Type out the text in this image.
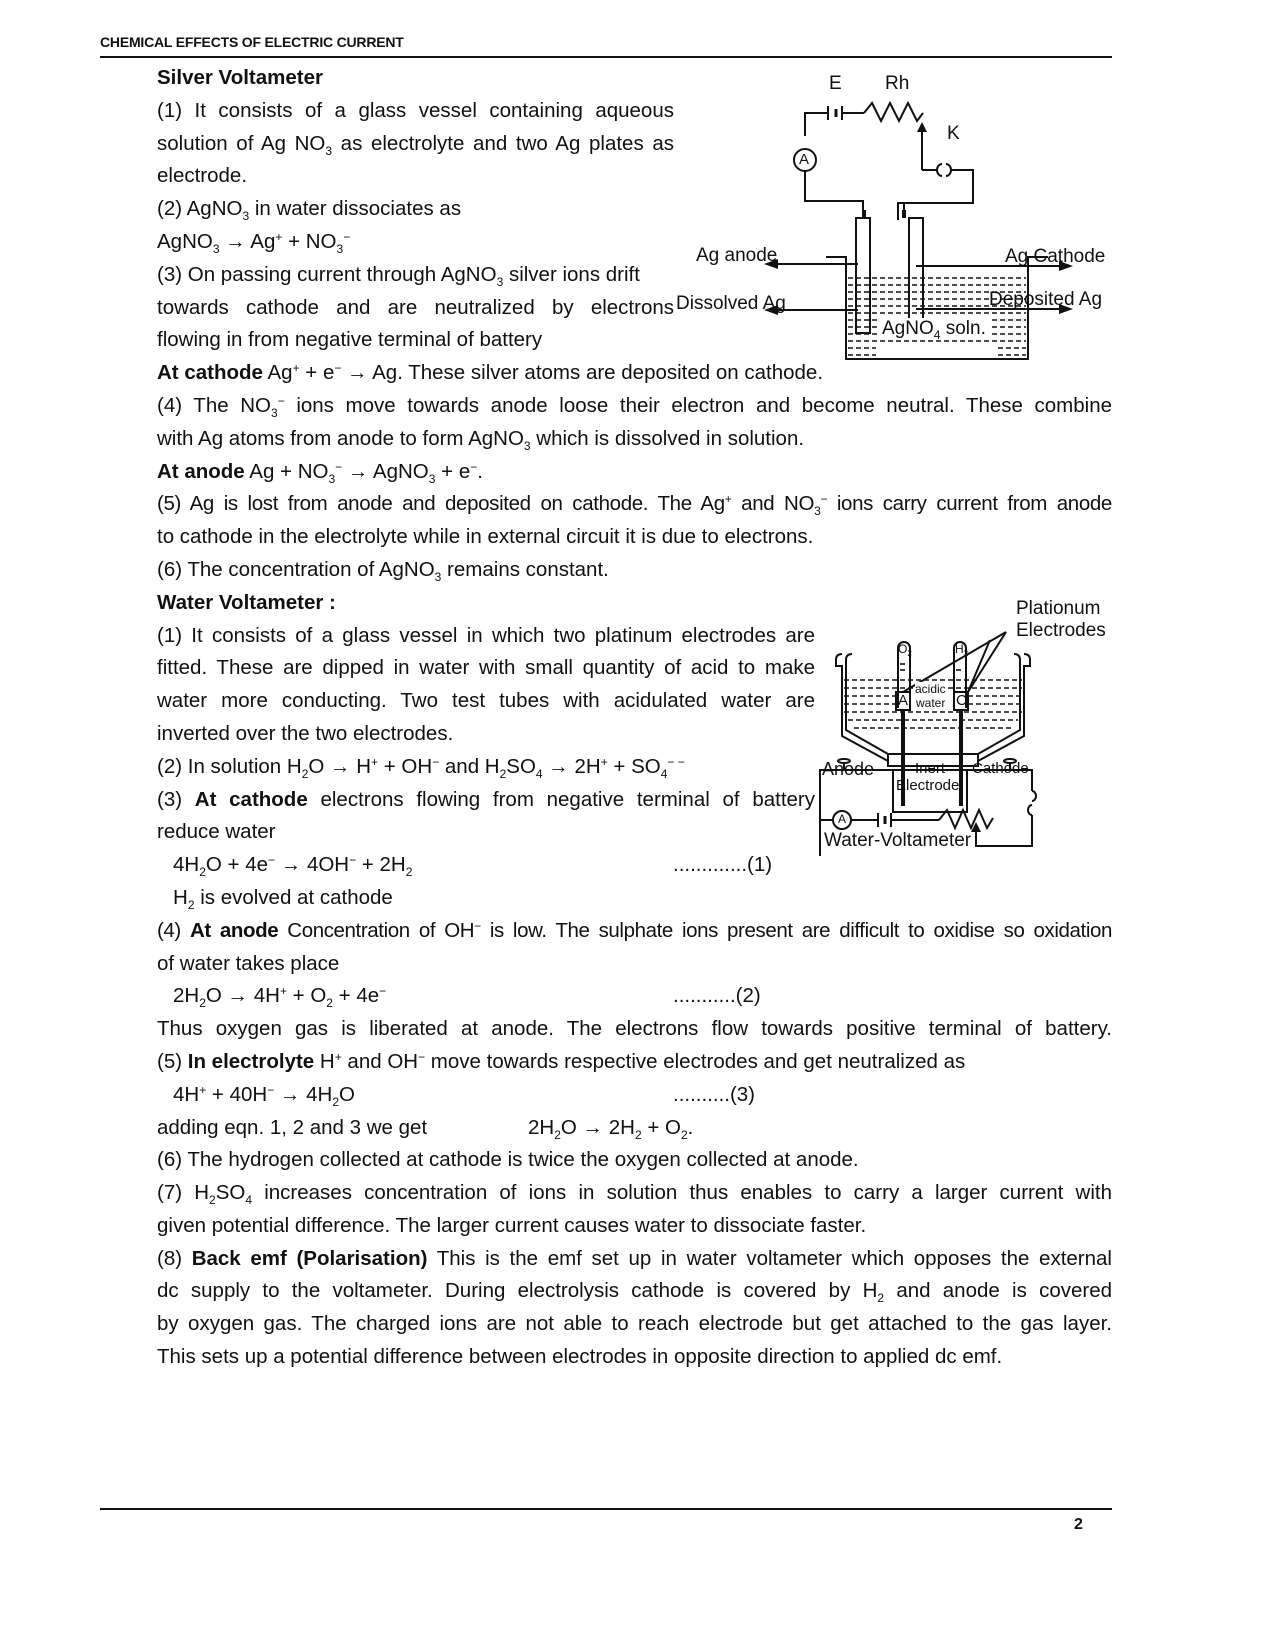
CHEMICAL EFFECTS OF ELECTRIC CURRENT
E Rh
K
A
Ag anode	Ag Cathode
Dissolved Ag	Deposited Ag
AgNO$_4$ soln.
Plationum
Electrodes
$O_2$	$H_2$
acidic
water
A	C
Anode	Inert
Electrode
Cathode
A
Water-Voltameter
Silver Voltameter
(1) It consists of a glass vessel containing aqueous
solution of Ag $NO_3$ as electrolyte and two Ag plates as
electrode.
(2) AgNO$_3$ in water dissociates as
AgNO$_3$ → $Ag^+ + NO_3^-$
(3) On passing current through AgNO$_3$ silver ions drift
towards cathode and are neutralized by electrons
flowing in from negative terminal of battery
At cathode Ag+ + e− → Ag. These silver atoms are deposited on cathode.
(4) The $NO_3^-$ ions move towards anode loose their electron and become neutral. These combine
with Ag atoms from anode to form AgNO$_3$ which is dissolved in solution.
At anode $Ag + NO_3^-$ → AgNO$_3$ + e−.
(5) Ag is lost from anode and deposited on cathode. The Ag+ and $NO_3^-$ ions carry current from anode
to cathode in the electrolyte while in external circuit it is due to electrons.
(6) The concentration of AgNO$_3$ remains constant.
Water Voltameter :
(1) It consists of a glass vessel in which two platinum electrodes are
fitted. These are dipped in water with small quantity of acid to make
water more conducting. Two test tubes with acidulated water are
inverted over the two electrodes.
(2) In solution $H_2O \to H^+ + OH^-$ and $H_2SO_4 \to 2H^+ + SO_4^{- -}$
(3) At cathode electrons flowing from negative terminal of battery
reduce water
$4H_2O + 4e^- \to 4OH^- + 2H_2$	.............(1)
$H_2$ is evolved at cathode
(4) At anode Concentration of OH− is low. The sulphate ions present are difficult to oxidise so oxidation
of water takes place
$2H_2O \to 4H^+ + O_2 + 4e^-$	...........(2)
Thus oxygen gas is liberated at anode. The electrons flow towards positive terminal of battery.
(5) In electrolyte H+ and OH− move towards respective electrodes and get neutralized as
$4H^+ + 40H^- \to 4H_2O$	..........(3)
adding eqn. 1, 2 and 3 we get	$2H_2O \to 2H_2 + O_2$.
(6) The hydrogen collected at cathode is twice the oxygen collected at anode.
(7) $H_2SO_4$ increases concentration of ions in solution thus enables to carry a larger current with
given potential difference. The larger current causes water to dissociate faster.
(8) Back emf (Polarisation) This is the emf set up in water voltameter which opposes the external
dc supply to the voltameter. During electrolysis cathode is covered by $H_2$ and anode is covered
by oxygen gas. The charged ions are not able to reach electrode but get attached to the gas layer.
This sets up a potential difference between electrodes in opposite direction to applied dc emf.
2
